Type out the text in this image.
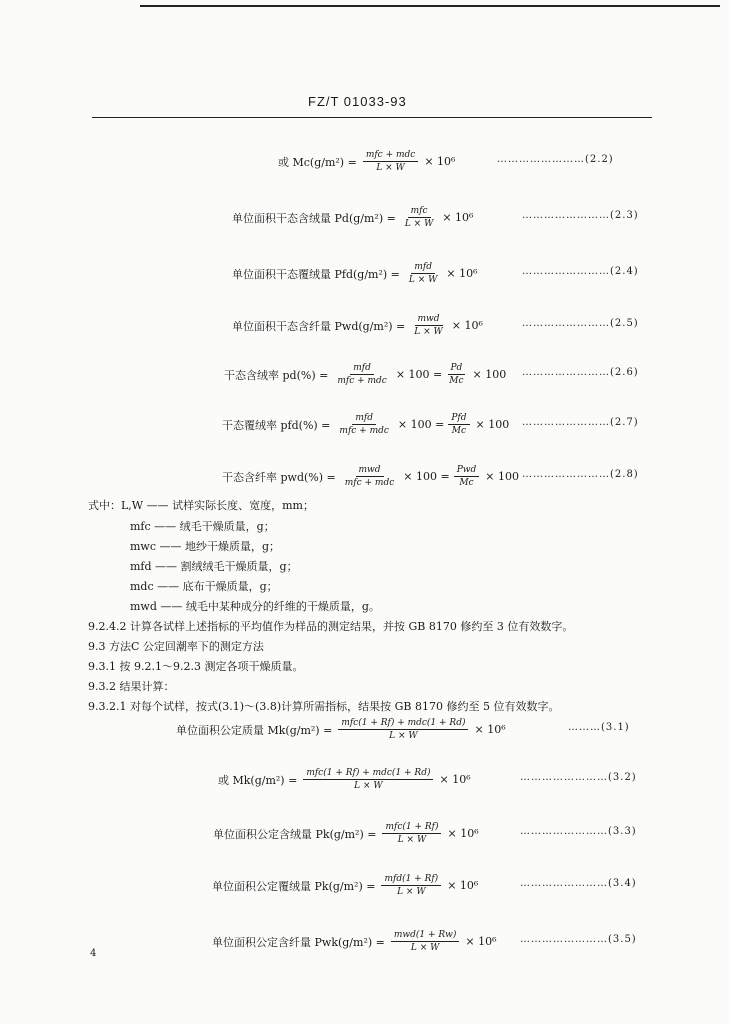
FZ/T 01033-93
或 $Mc(g/m^2) = \frac{\text{mfc + mdc}}{L \times W} \times 10^6$	……………………(2.2)
单位面积干态含绒量 $Pd(g/m^2) = \frac{\text{mfc}}{L \times W} \times 10^6$	……………………(2.3)
单位面积干态覆绒量 $Pfd(g/m^2) = \frac{\text{mfd}}{L \times W} \times 10^6$	……………………(2.4)
单位面积干态含纤量 $Pwd(g/m^2) = \frac{\text{mwd}}{L \times W} \times 10^6$	……………………(2.5)
干态含绒率 $pd(\%) = \frac{\text{mfd}}{\text{mfc + mdc}} \times 100 = \frac{Pd}{Mc} \times 100$ ……………………(2.6)
干态覆绒率 $pfd(\%) = \frac{\text{mfd}}{\text{mfc + mdc}} \times 100 = \frac{\text{Pfd}}{Mc} \times 100$ ……………………(2.7)
干态含纤率 $pwd(\%) = \frac{\text{mwd}}{\text{mfc + mdc}} \times 100 = \frac{\text{Pwd}}{Mc} \times 100$ ……………………(2.8)
单位面积公定质量 $Mk(g/m^2) = \frac{\text{mfc(1 + Rf) + mdc(1 + Rd)}}{L \times W} \times 10^6$	………(3.1)
或 $Mk(g/m^2) = \frac{\text{mfc(1 + Rf) + mdc(1 + Rd)}}{L \times W} \times 10^6$	……………………(3.2)
单位面积公定含绒量 $Pk(g/m^2) = \frac{\text{mfc(1 + Rf)}}{L \times W} \times 10^6$	……………………(3.3)
单位面积公定覆绒量 $Pk(g/m^2) = \frac{\text{mfd(1 + Rf)}}{L \times W} \times 10^6$	……………………(3.4)
单位面积公定含纤量 $Pwk(g/m^2) = \frac{\text{mwd(1 + Rw)}}{L \times W} \times 10^6$ ……………………(3.5)
式中：L,W —— 试样实际长度、宽度，mm；
mfc —— 绒毛干燥质量，g；
mwc —— 地纱干燥质量，g；
mfd —— 割绒绒毛干燥质量，g；
mdc —— 底布干燥质量，g；
mwd —— 绒毛中某种成分的纤维的干燥质量，g。
9.2.4.2 计算各试样上述指标的平均值作为样品的测定结果，并按 GB 8170 修约至 3 位有效数字。
9.3 方法C 公定回潮率下的测定方法
9.3.1 按 9.2.1～9.2.3 测定各项干燥质量。
9.3.2 结果计算：
9.3.2.1 对每个试样，按式(3.1)～(3.8)计算所需指标，结果按 GB 8170 修约至 5 位有效数字。
4
